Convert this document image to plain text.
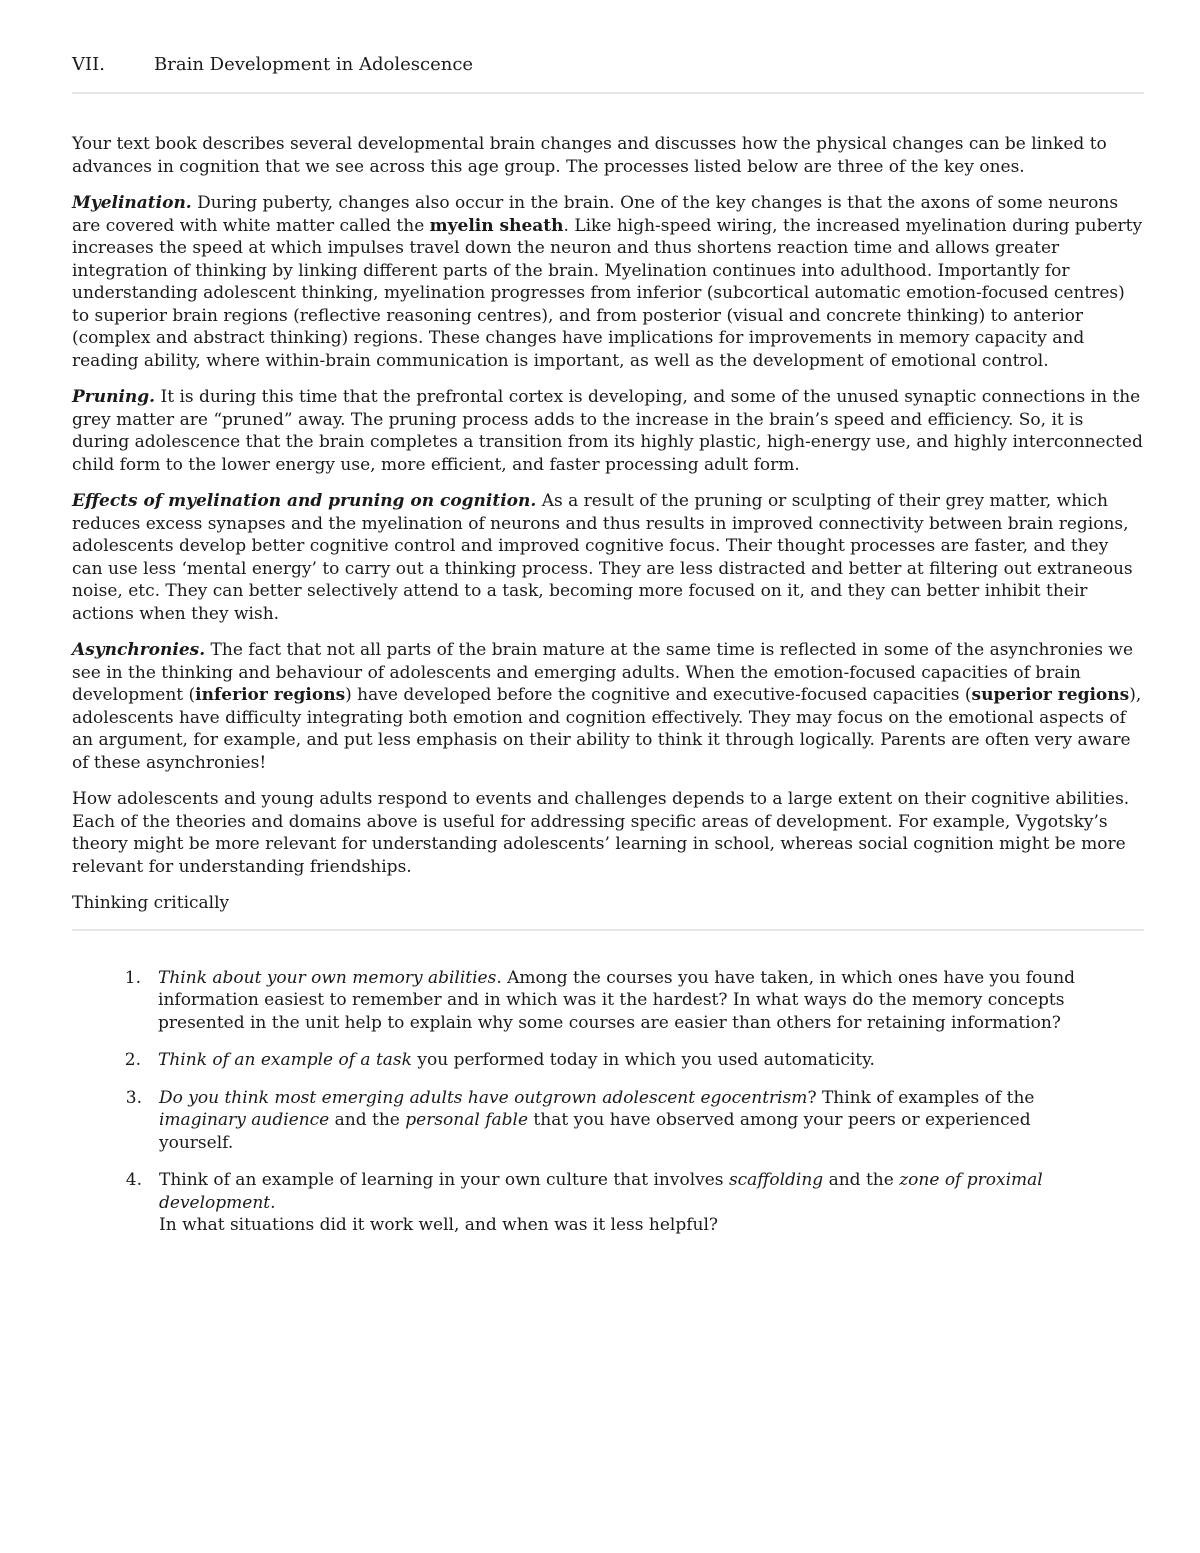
VII.	Brain Development in Adolescence

Your text book describes several developmental brain changes and discusses how the physical changes can be linked to advances in cognition that we see across this age group. The processes listed below are three of the key ones.

Myelination. During puberty, changes also occur in the brain. One of the key changes is that the axons of some neurons are covered with white matter called the myelin sheath. Like high-speed wiring, the increased myelination during puberty increases the speed at which impulses travel down the neuron and thus shortens reaction time and allows greater integration of thinking by linking different parts of the brain. Myelination continues into adulthood. Importantly for understanding adolescent thinking, myelination progresses from inferior (subcortical automatic emotion-focused centres) to superior brain regions (reflective reasoning centres), and from posterior (visual and concrete thinking) to anterior (complex and abstract thinking) regions. These changes have implications for improvements in memory capacity and reading ability, where within-brain communication is important, as well as the development of emotional control.

Pruning. It is during this time that the prefrontal cortex is developing, and some of the unused synaptic connections in the grey matter are “pruned” away. The pruning process adds to the increase in the brain’s speed and efficiency. So, it is during adolescence that the brain completes a transition from its highly plastic, high-energy use, and highly interconnected child form to the lower energy use, more efficient, and faster processing adult form.

Effects of myelination and pruning on cognition. As a result of the pruning or sculpting of their grey matter, which reduces excess synapses and the myelination of neurons and thus results in improved connectivity between brain regions, adolescents develop better cognitive control and improved cognitive focus. Their thought processes are faster, and they can use less ‘mental energy’ to carry out a thinking process. They are less distracted and better at filtering out extraneous noise, etc. They can better selectively attend to a task, becoming more focused on it, and they can better inhibit their actions when they wish.

Asynchronies. The fact that not all parts of the brain mature at the same time is reflected in some of the asynchronies we see in the thinking and behaviour of adolescents and emerging adults. When the emotion-focused capacities of brain development (inferior regions) have developed before the cognitive and executive-focused capacities (superior regions), adolescents have difficulty integrating both emotion and cognition effectively. They may focus on the emotional aspects of an argument, for example, and put less emphasis on their ability to think it through logically. Parents are often very aware of these asynchronies!

How adolescents and young adults respond to events and challenges depends to a large extent on their cognitive abilities. Each of the theories and domains above is useful for addressing specific areas of development. For example, Vygotsky’s theory might be more relevant for understanding adolescents’ learning in school, whereas social cognition might be more relevant for understanding friendships.

Thinking critically
1. Think about your own memory abilities. Among the courses you have taken, in which ones have you found information easiest to remember and in which was it the hardest? In what ways do the memory concepts presented in the unit help to explain why some courses are easier than others for retaining information?
2. Think of an example of a task you performed today in which you used automaticity.
3. Do you think most emerging adults have outgrown adolescent egocentrism? Think of examples of the imaginary audience and the personal fable that you have observed among your peers or experienced yourself.
4. Think of an example of learning in your own culture that involves scaffolding and the zone of proximal development.
In what situations did it work well, and when was it less helpful?
